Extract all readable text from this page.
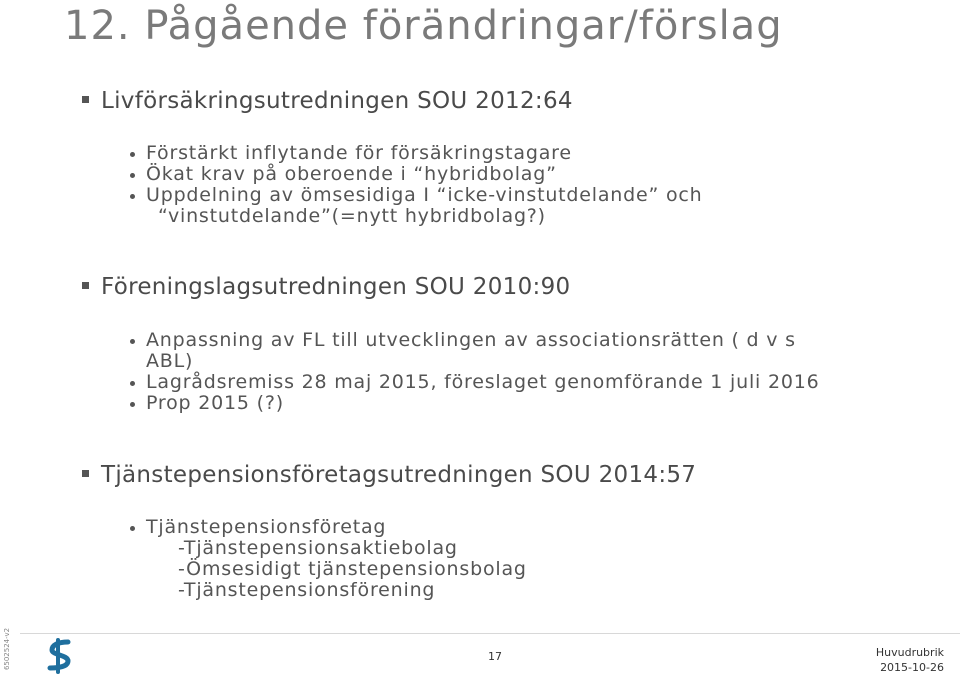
12. Pågående förändringar/förslag
Livförsäkringsutredningen SOU 2012:64
Förstärkt inflytande för försäkringstagare
Ökat krav på oberoende i “hybridbolag”
Uppdelning av ömsesidiga I “icke-vinstutdelande” och
“vinstutdelande”(=nytt hybridbolag?)
Föreningslagsutredningen SOU 2010:90
Anpassning av FL till utvecklingen av associationsrätten ( d v s
ABL)
Lagrådsremiss 28 maj 2015, föreslaget genomförande 1 juli 2016
Prop 2015 (?)
Tjänstepensionsföretagsutredningen SOU 2014:57
Tjänstepensionsföretag
-Tjänstepensionsaktiebolag
-Ömsesidigt tjänstepensionsbolag
-Tjänstepensionsförening
6502524-v2	17	Huvudrubrik
2015-10-26
